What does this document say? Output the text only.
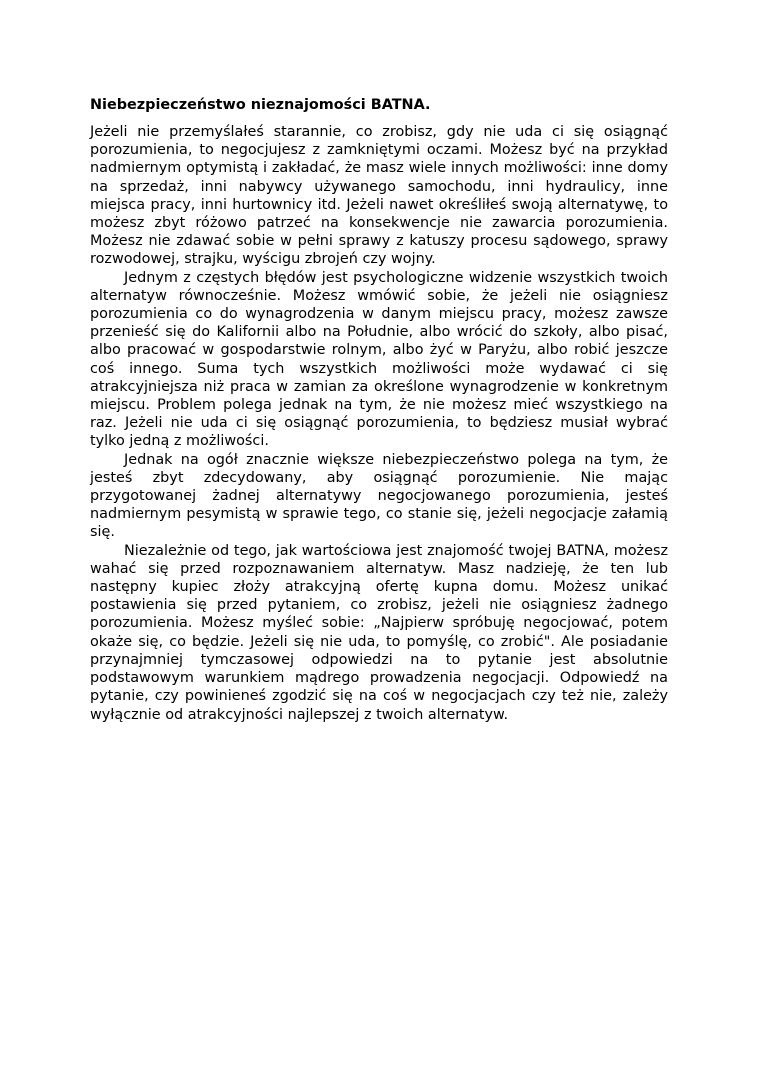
Niebezpieczeństwo nieznajomości BATNA.

Jeżeli nie przemyślałeś starannie, co zrobisz, gdy nie uda ci się osiągnąć porozumienia, to negocjujesz z zamkniętymi oczami. Możesz być na przykład nadmiernym optymistą i zakładać, że masz wiele innych możliwości: inne domy na sprzedaż, inni nabywcy używanego samochodu, inni hydraulicy, inne miejsca pracy, inni hurtownicy itd. Jeżeli nawet określiłeś swoją alternatywę, to możesz zbyt różowo patrzeć na konsekwencje nie zawarcia porozumienia. Możesz nie zdawać sobie w pełni sprawy z katuszy procesu sądowego, sprawy rozwodowej, strajku, wyścigu zbrojeń czy wojny.

Jednym z częstych błędów jest psychologiczne widzenie wszystkich twoich alternatyw równocześnie. Możesz wmówić sobie, że jeżeli nie osiągniesz porozumienia co do wynagrodzenia w danym miejscu pracy, możesz zawsze przenieść się do Kalifornii albo na Południe, albo wrócić do szkoły, albo pisać, albo pracować w gospodarstwie rolnym, albo żyć w Paryżu, albo robić jeszcze coś innego. Suma tych wszystkich możliwości może wydawać ci się atrakcyjniejsza niż praca w zamian za określone wynagrodzenie w konkretnym miejscu. Problem polega jednak na tym, że nie możesz mieć wszystkiego na raz. Jeżeli nie uda ci się osiągnąć porozumienia, to będziesz musiał wybrać tylko jedną z możliwości.

Jednak na ogół znacznie większe niebezpieczeństwo polega na tym, że jesteś zbyt zdecydowany, aby osiągnąć porozumienie. Nie mając przygotowanej żadnej alternatywy negocjowanego porozumienia, jesteś nadmiernym pesymistą w sprawie tego, co stanie się, jeżeli negocjacje załamią się.

Niezależnie od tego, jak wartościowa jest znajomość twojej BATNA, możesz wahać się przed rozpoznawaniem alternatyw. Masz nadzieję, że ten lub następny kupiec złoży atrakcyjną ofertę kupna domu. Możesz unikać postawienia się przed pytaniem, co zrobisz, jeżeli nie osiągniesz żadnego porozumienia. Możesz myśleć sobie: „Najpierw spróbuję negocjować, potem okaże się, co będzie. Jeżeli się nie uda, to pomyślę, co zrobić". Ale posiadanie przynajmniej tymczasowej odpowiedzi na to pytanie jest absolutnie podstawowym warunkiem mądrego prowadzenia negocjacji. Odpowiedź na pytanie, czy powinieneś zgodzić się na coś w negocjacjach czy też nie, zależy wyłącznie od atrakcyjności najlepszej z twoich alternatyw.
